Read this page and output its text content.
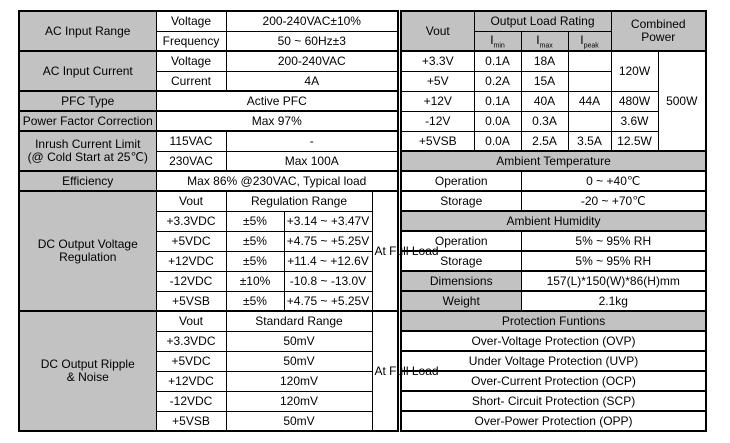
AC Input Range	Voltage	200-240VAC±10%		
	Frequency	50 ~ 60Hz±3		
AC Input Current	Voltage	200-240VAC		
	Current	4A		
PFC Type	Active PFC			
Power Factor Correction	Max 97%			

Inrush Current Limit
(@ Cold Start at 25℃)	115VAC	-		
	230VAC	Max 100A		
Efficiency	Max 86% @230VAC, Typical load			

DC Output Voltage
Regulation	Vout	Regulation Range		At Full Load
	+3.3VDC	±5%	+3.14 ~ +3.47V	
	+5VDC	±5%	+4.75 ~ +5.25V	
	+12VDC	±5%	+11.4 ~ +12.6V	
	-12VDC	±10%	-10.8 ~ -13.0V	
	+5VSB	±5%	+4.75 ~ +5.25V	

DC Output Ripple
& Noise	Vout	Standard Range		At Full Load
	+3.3VDC	50mV		
	+5VDC	50mV		
	+12VDC	120mV		
	-12VDC	120mV		
	+5VSB	50mV		
Vout	Output Load Rating			Combined
Power	

	$I_{min}$	$I_{max}$	$I_{peak}$
+3.3V	0.1A	18A		120W	500W
+5V	0.2A	15A			
+12V	0.1A	40A	44A	480W	
-12V	0.0A	0.3A		3.6W	
+5VSB	0.0A	2.5A	3.5A	12.5W	
Ambient Temperature					
Operation		0 ~ +40℃			
Storage		-20 ~ +70℃			
Ambient Humidity					
Operation		5% ~ 95% RH			
Storage		5% ~ 95% RH			
Dimensions		157(L)*150(W)*86(H)mm			
Weight		2.1kg			
Protection Funtions					
Over-Voltage Protection (OVP)					
Under Voltage Protection (UVP)					
Over-Current Protection (OCP)					
Short- Circuit Protection (SCP)					
Over-Power Protection (OPP)					
